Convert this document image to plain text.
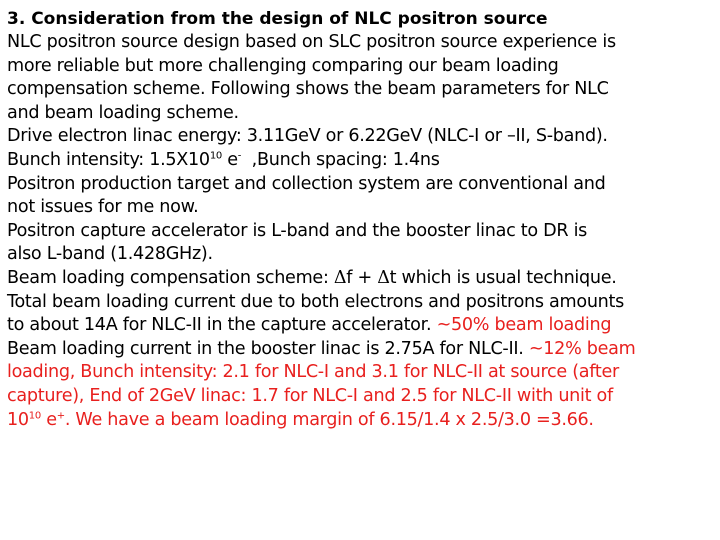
3. Consideration from the design of NLC positron source
NLC positron source design based on SLC positron source experience is
more reliable but more challenging comparing our beam loading
compensation scheme. Following shows the beam parameters for NLC
and beam loading scheme.
Drive electron linac energy: 3.11GeV or 6.22GeV (NLC-I or –II, S-band).
Bunch intensity: $1.5X10^{10}$ e-  ,Bunch spacing: 1.4ns
Positron production target and collection system are conventional and
not issues for me now.
Positron capture accelerator is L-band and the booster linac to DR is
also L-band (1.428GHz).
Beam loading compensation scheme: Δf + Δt which is usual technique.
Total beam loading current due to both electrons and positrons amounts
to about 14A for NLC-II in the capture accelerator. ~50% beam loading
Beam loading current in the booster linac is 2.75A for NLC-II. ~12% beam
loading, Bunch intensity: 2.1 for NLC-I and 3.1 for NLC-II at source (after
capture), End of 2GeV linac: 1.7 for NLC-I and 2.5 for NLC-II with unit of
$10^{10}$ e+. We have a beam loading margin of 6.15/1.4 x 2.5/3.0 =3.66.
